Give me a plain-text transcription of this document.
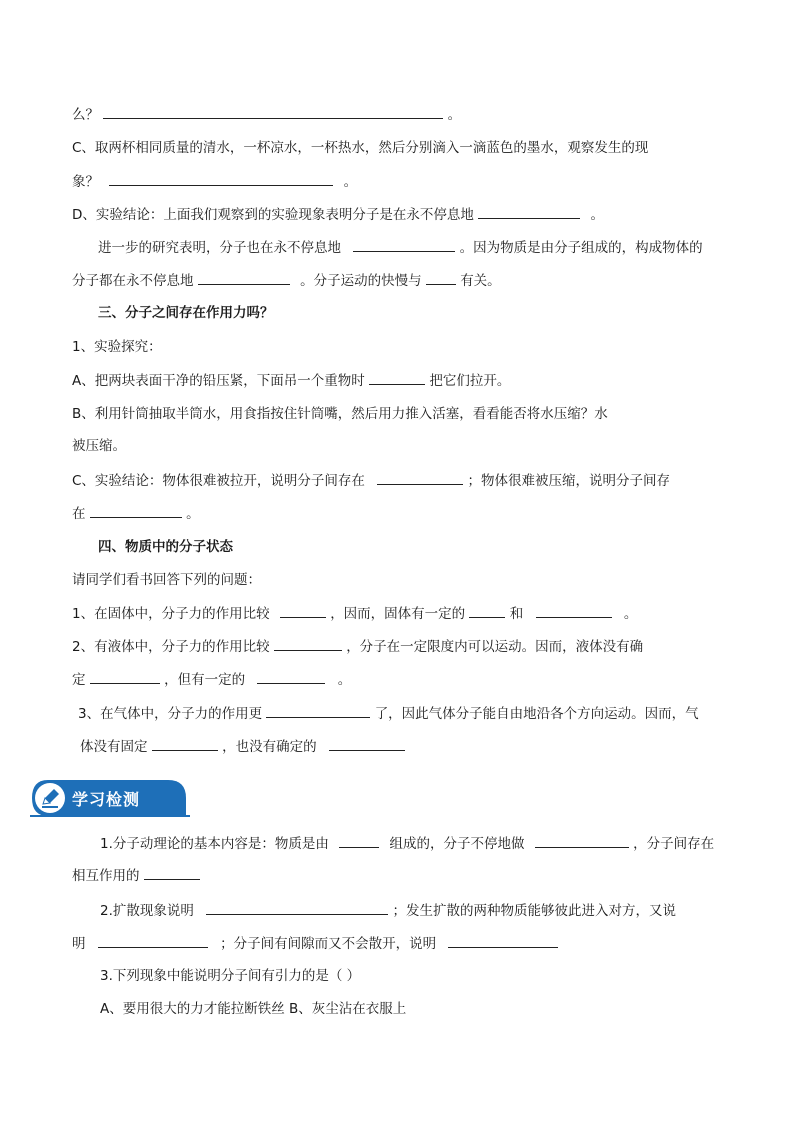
么？	。
C、取两杯相同质量的清水，一杯凉水，一杯热水，然后分别滴入一滴蓝色的墨水，观察发生的现
象？	。
D、实验结论：上面我们观察到的实验现象表明分子是在永不停息地	。
进一步的研究表明，分子也在永不停息地	。因为物质是由分子组成的，构成物体的
分子都在永不停息地	。分子运动的快慢与	有关。
三、分子之间存在作用力吗？
1、实验探究：
A、把两块表面干净的铅压紧，下面吊一个重物时	把它们拉开。
B、利用针筒抽取半筒水，用食指按住针筒嘴，然后用力推入活塞，看看能否将水压缩？水
被压缩。
C、实验结论：物体很难被拉开，说明分子间存在	；物体很难被压缩，说明分子间存
在	。
四、物质中的分子状态
请同学们看书回答下列的问题：
1、在固体中，分子力的作用比较	，因而，固体有一定的	和	。
2、有液体中，分子力的作用比较	，分子在一定限度内可以运动。因而，液体没有确
定	，但有一定的	。
3、在气体中，分子力的作用更	了，因此气体分子能自由地沿各个方向运动。因而，气
体没有固定	，也没有确定的
学习检测
1.分子动理论的基本内容是：物质是由	组成的，分子不停地做	，分子间存在
相互作用的
2.扩散现象说明	；发生扩散的两种物质能够彼此进入对方，又说
明	；分子间有间隙而又不会散开，说明
3.下列现象中能说明分子间有引力的是（ ）
A、要用很大的力才能拉断铁丝 B、灰尘沾在衣服上
